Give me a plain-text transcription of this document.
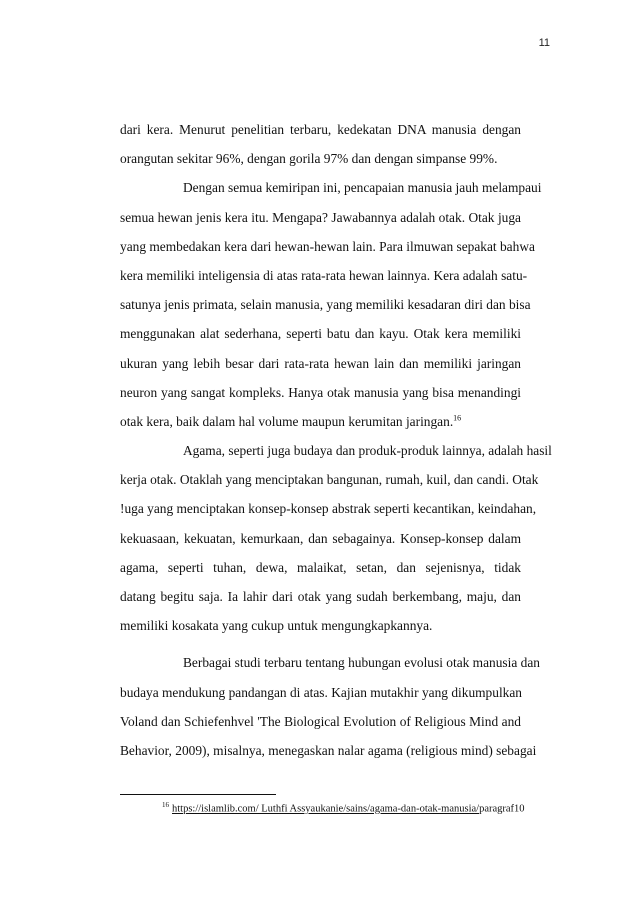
11
dari kera. Menurut penelitian terbaru, kedekatan DNA manusia dengan
orangutan sekitar 96%, dengan gorila 97% dan dengan simpanse 99%.
Dengan semua kemiripan ini, pencapaian manusia jauh melampaui
semua hewan jenis kera itu. Mengapa? Jawabannya adalah otak. Otak juga
yang membedakan kera dari hewan-hewan lain. Para ilmuwan sepakat bahwa
kera memiliki inteligensia di atas rata-rata hewan lainnya. Kera adalah satu-
satunya jenis primata, selain manusia, yang memiliki kesadaran diri dan bisa
menggunakan alat sederhana, seperti batu dan kayu. Otak kera memiliki
ukuran yang lebih besar dari rata-rata hewan lain dan memiliki jaringan
neuron yang sangat kompleks. Hanya otak manusia yang bisa menandingi
otak kera, baik dalam hal volume maupun kerumitan jaringan.$^{16}$
Agama, seperti juga budaya dan produk-produk lainnya, adalah hasil
kerja otak. Otaklah yang menciptakan bangunan, rumah, kuil, dan candi. Otak
!uga yang menciptakan konsep-konsep abstrak seperti kecantikan, keindahan,
kekuasaan, kekuatan, kemurkaan, dan sebagainya. Konsep-konsep dalam
agama, seperti tuhan, dewa, malaikat, setan, dan sejenisnya, tidak
datang begitu saja. Ia lahir dari otak yang sudah berkembang, maju, dan
memiliki kosakata yang cukup untuk mengungkapkannya.
Berbagai studi terbaru tentang hubungan evolusi otak manusia dan
budaya mendukung pandangan di atas. Kajian mutakhir yang dikumpulkan
Voland dan Schiefenhvel 'The Biological Evolution of Religious Mind and
Behavior, 2009), misalnya, menegaskan nalar agama (religious mind) sebagai
$^{16}$ https://islamlib.com/ Luthfi Assyaukanie/sains/agama-dan-otak-manusia/paragraf10
